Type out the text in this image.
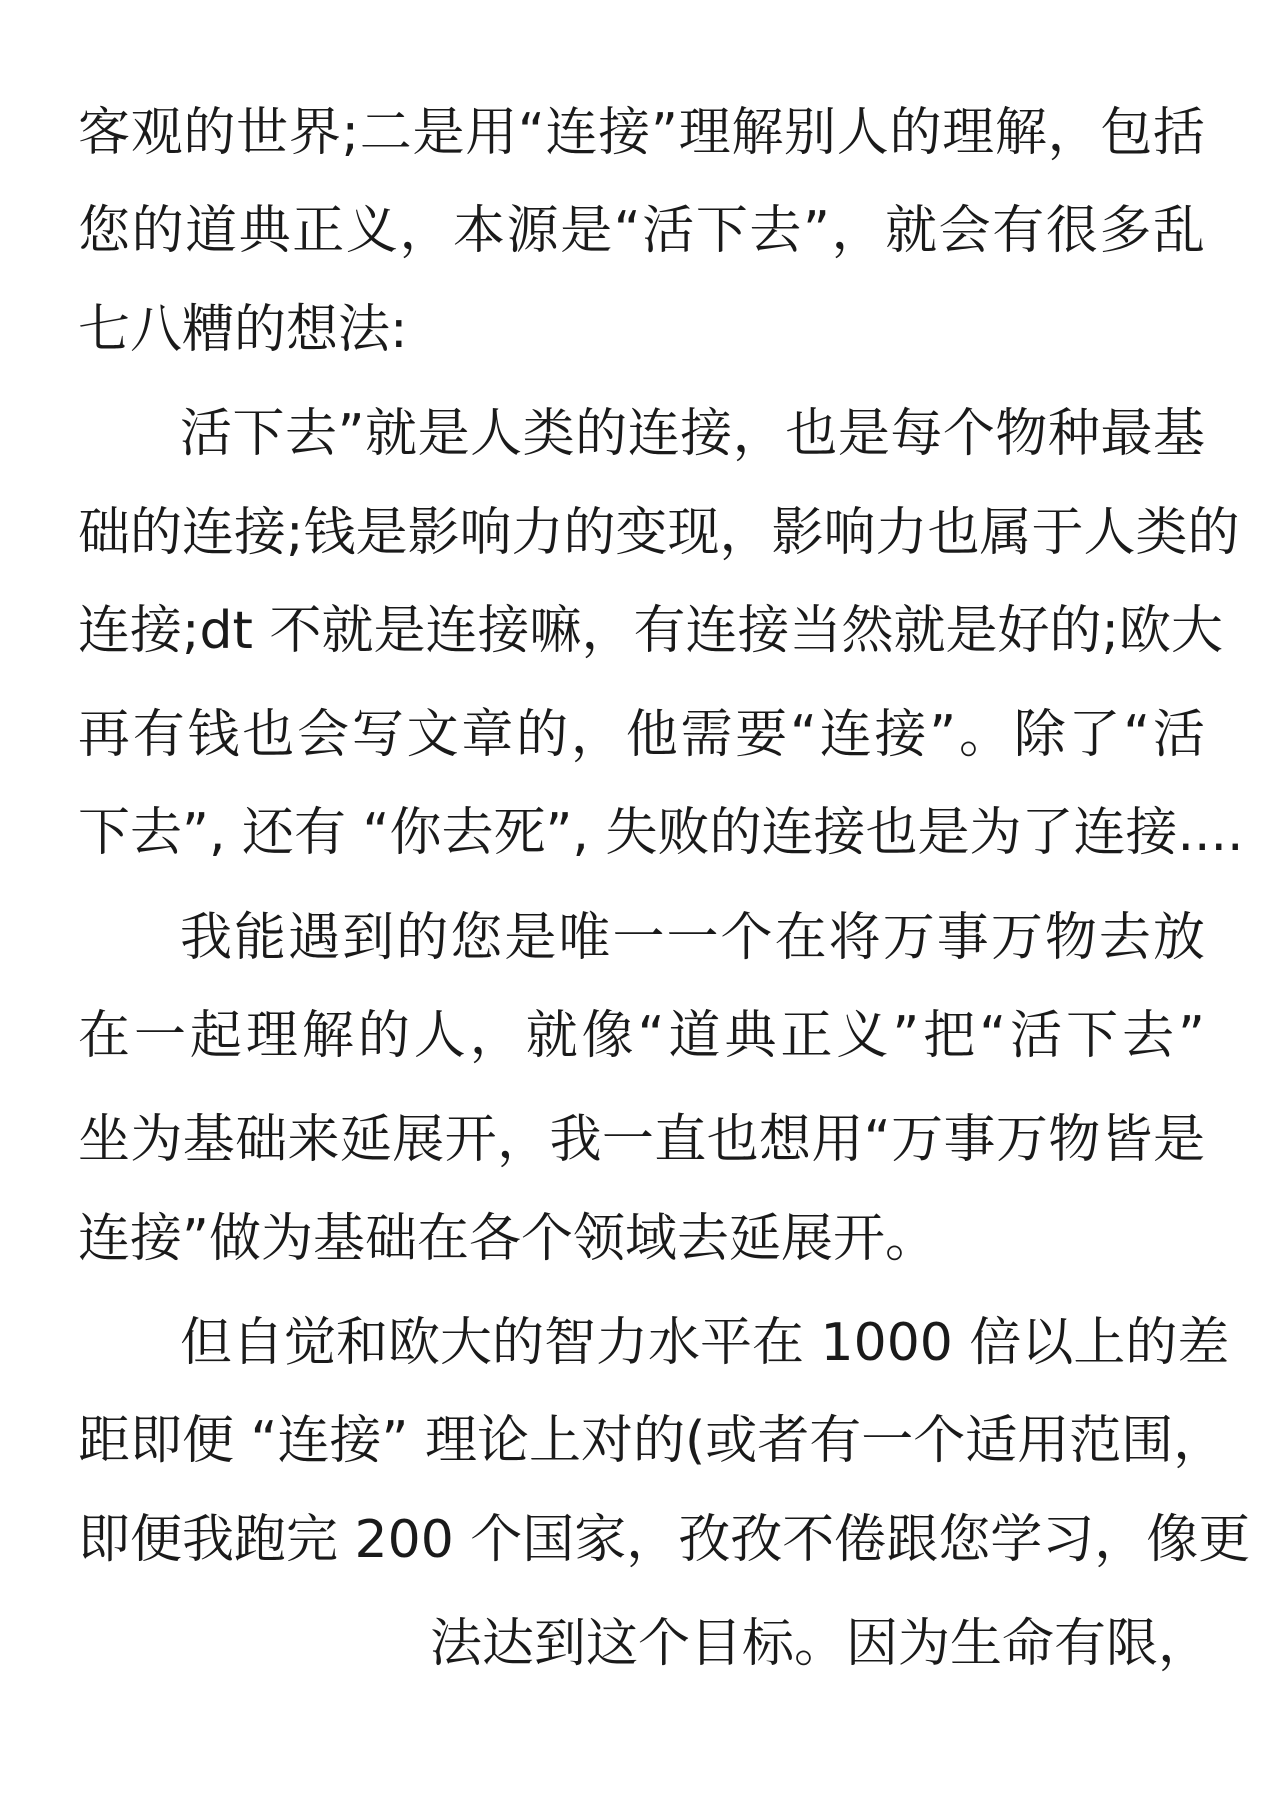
客观的世界;二是用“连接”理解别人的理解，包括
您的道典正义，本源是“活下去”，就会有很多乱
七八糟的想法:
活下去”就是人类的连接，也是每个物种最基
础的连接;钱是影响力的变现，影响力也属于人类的
连接;dt 不就是连接嘛，有连接当然就是好的;欧大
再有钱也会写文章的，他需要“连接”。除了“活
下去”, 还有 “你去死”, 失败的连接也是为了连接....
我能遇到的您是唯一一个在将万事万物去放
在一起理解的人，就像“道典正义”把“活下去”
坐为基础来延展开，我一直也想用“万事万物皆是
连接”做为基础在各个领域去延展开。
但自觉和欧大的智力水平在 1000 倍以上的差
距即便 “连接” 理论上对的(或者有一个适用范围，
即便我跑完 200 个国家，孜孜不倦跟您学习，像更
法达到这个目标。因为生命有限，
